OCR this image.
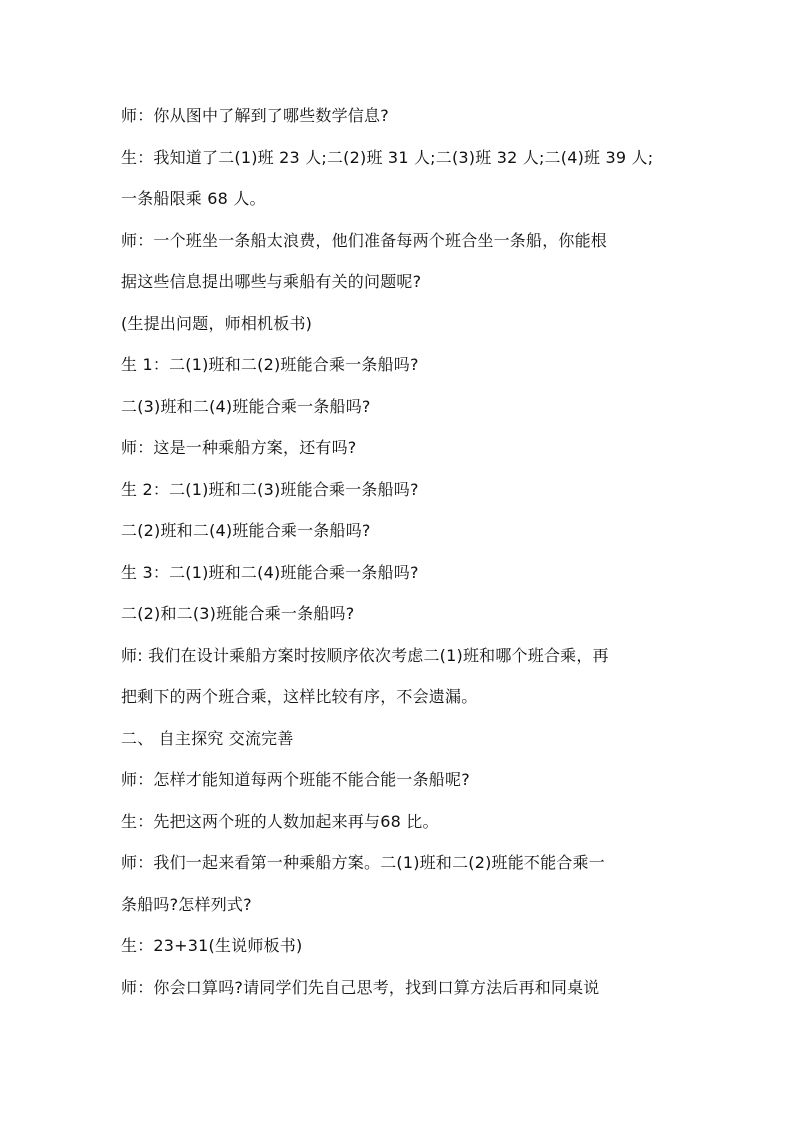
师：你从图中了解到了哪些数学信息?
生：我知道了二(1)班 23 人;二(2)班 31 人;二(3)班 32 人;二(4)班 39 人;
一条船限乘 68 人。
师：一个班坐一条船太浪费，他们准备每两个班合坐一条船，你能根
据这些信息提出哪些与乘船有关的问题呢?
(生提出问题，师相机板书)
生 1：二(1)班和二(2)班能合乘一条船吗?
二(3)班和二(4)班能合乘一条船吗?
师：这是一种乘船方案，还有吗?
生 2：二(1)班和二(3)班能合乘一条船吗?
二(2)班和二(4)班能合乘一条船吗?
生 3：二(1)班和二(4)班能合乘一条船吗?
二(2)和二(3)班能合乘一条船吗?
师: 我们在设计乘船方案时按顺序依次考虑二(1)班和哪个班合乘，再
把剩下的两个班合乘，这样比较有序，不会遗漏。
二、 自主探究 交流完善
师：怎样才能知道每两个班能不能合能一条船呢?
生：先把这两个班的人数加起来再与68 比。
师：我们一起来看第一种乘船方案。二(1)班和二(2)班能不能合乘一
条船吗?怎样列式?
生：23+31(生说师板书)
师：你会口算吗?请同学们先自己思考，找到口算方法后再和同桌说
